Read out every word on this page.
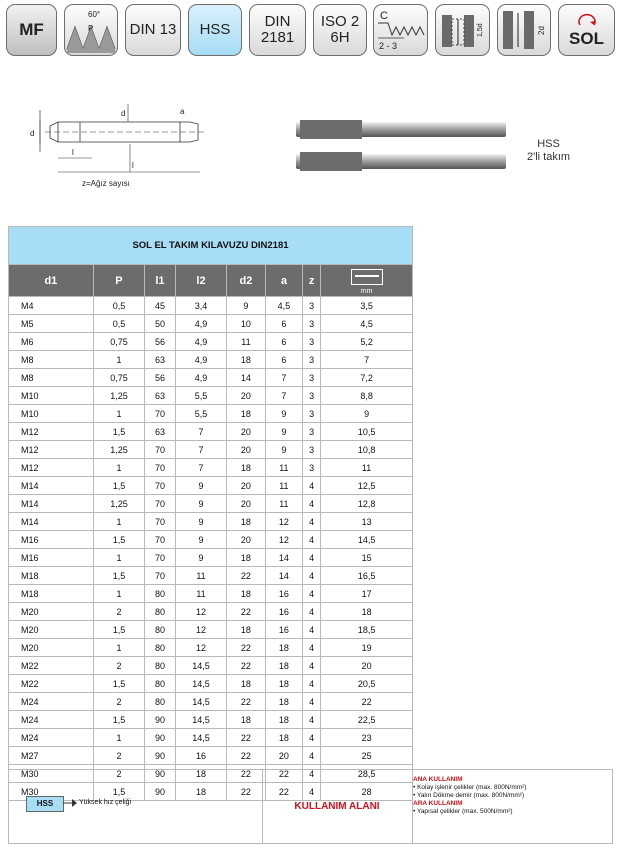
MF
60°
P DIN 13 HSS DIN
2181
ISO 2
6H
C
2 - 3
1,5d	2d SOL
d
d	a
l
l
z=Ağız sayısı
HSS
2'li takım
SOL EL TAKIM KILAVUZU DIN2181							
d1	P	l1	l2	d2	a	z	mm

M4	0,5	45	3,4	9	4,5	3	3,5
M5	0,5	50	4,9	10	6	3	4,5
M6	0,75	56	4,9	11	6	3	5,2
M8	1	63	4,9	18	6	3	7
M8	0,75	56	4,9	14	7	3	7,2
M10	1,25	63	5,5	20	7	3	8,8
M10	1	70	5,5	18	9	3	9
M12	1,5	63	7	20	9	3	10,5
M12	1,25	70	7	20	9	3	10,8
M12	1	70	7	18	11	3	11
M14	1,5	70	9	20	11	4	12,5
M14	1,25	70	9	20	11	4	12,8
M14	1	70	9	18	12	4	13
M16	1,5	70	9	20	12	4	14,5
M16	1	70	9	18	14	4	15
M18	1,5	70	11	22	14	4	16,5
M18	1	80	11	18	16	4	17
M20	2	80	12	22	16	4	18
M20	1,5	80	12	18	16	4	18,5
M20	1	80	12	22	18	4	19
M22	2	80	14,5	22	18	4	20
M22	1,5	80	14,5	18	18	4	20,5
M24	2	80	14,5	22	18	4	22
M24	1,5	90	14,5	18	18	4	22,5
M24	1	90	14,5	22	18	4	23
M27	2	90	16	22	20	4	25
M30	2	90	18	22	22	4	28,5
M30	1,5	90	18	22	22	4	28
HSS	Yüksek hız çeliği	KULLANIM ALANI
ANA KULLANIM
• Kolay işlenir çelikler (max. 800N/mm²)
• Yalın Dökme demir (max. 800N/mm²)
ARA KULLANIM
• Yapısal çelikler (max. 500N/mm²)
